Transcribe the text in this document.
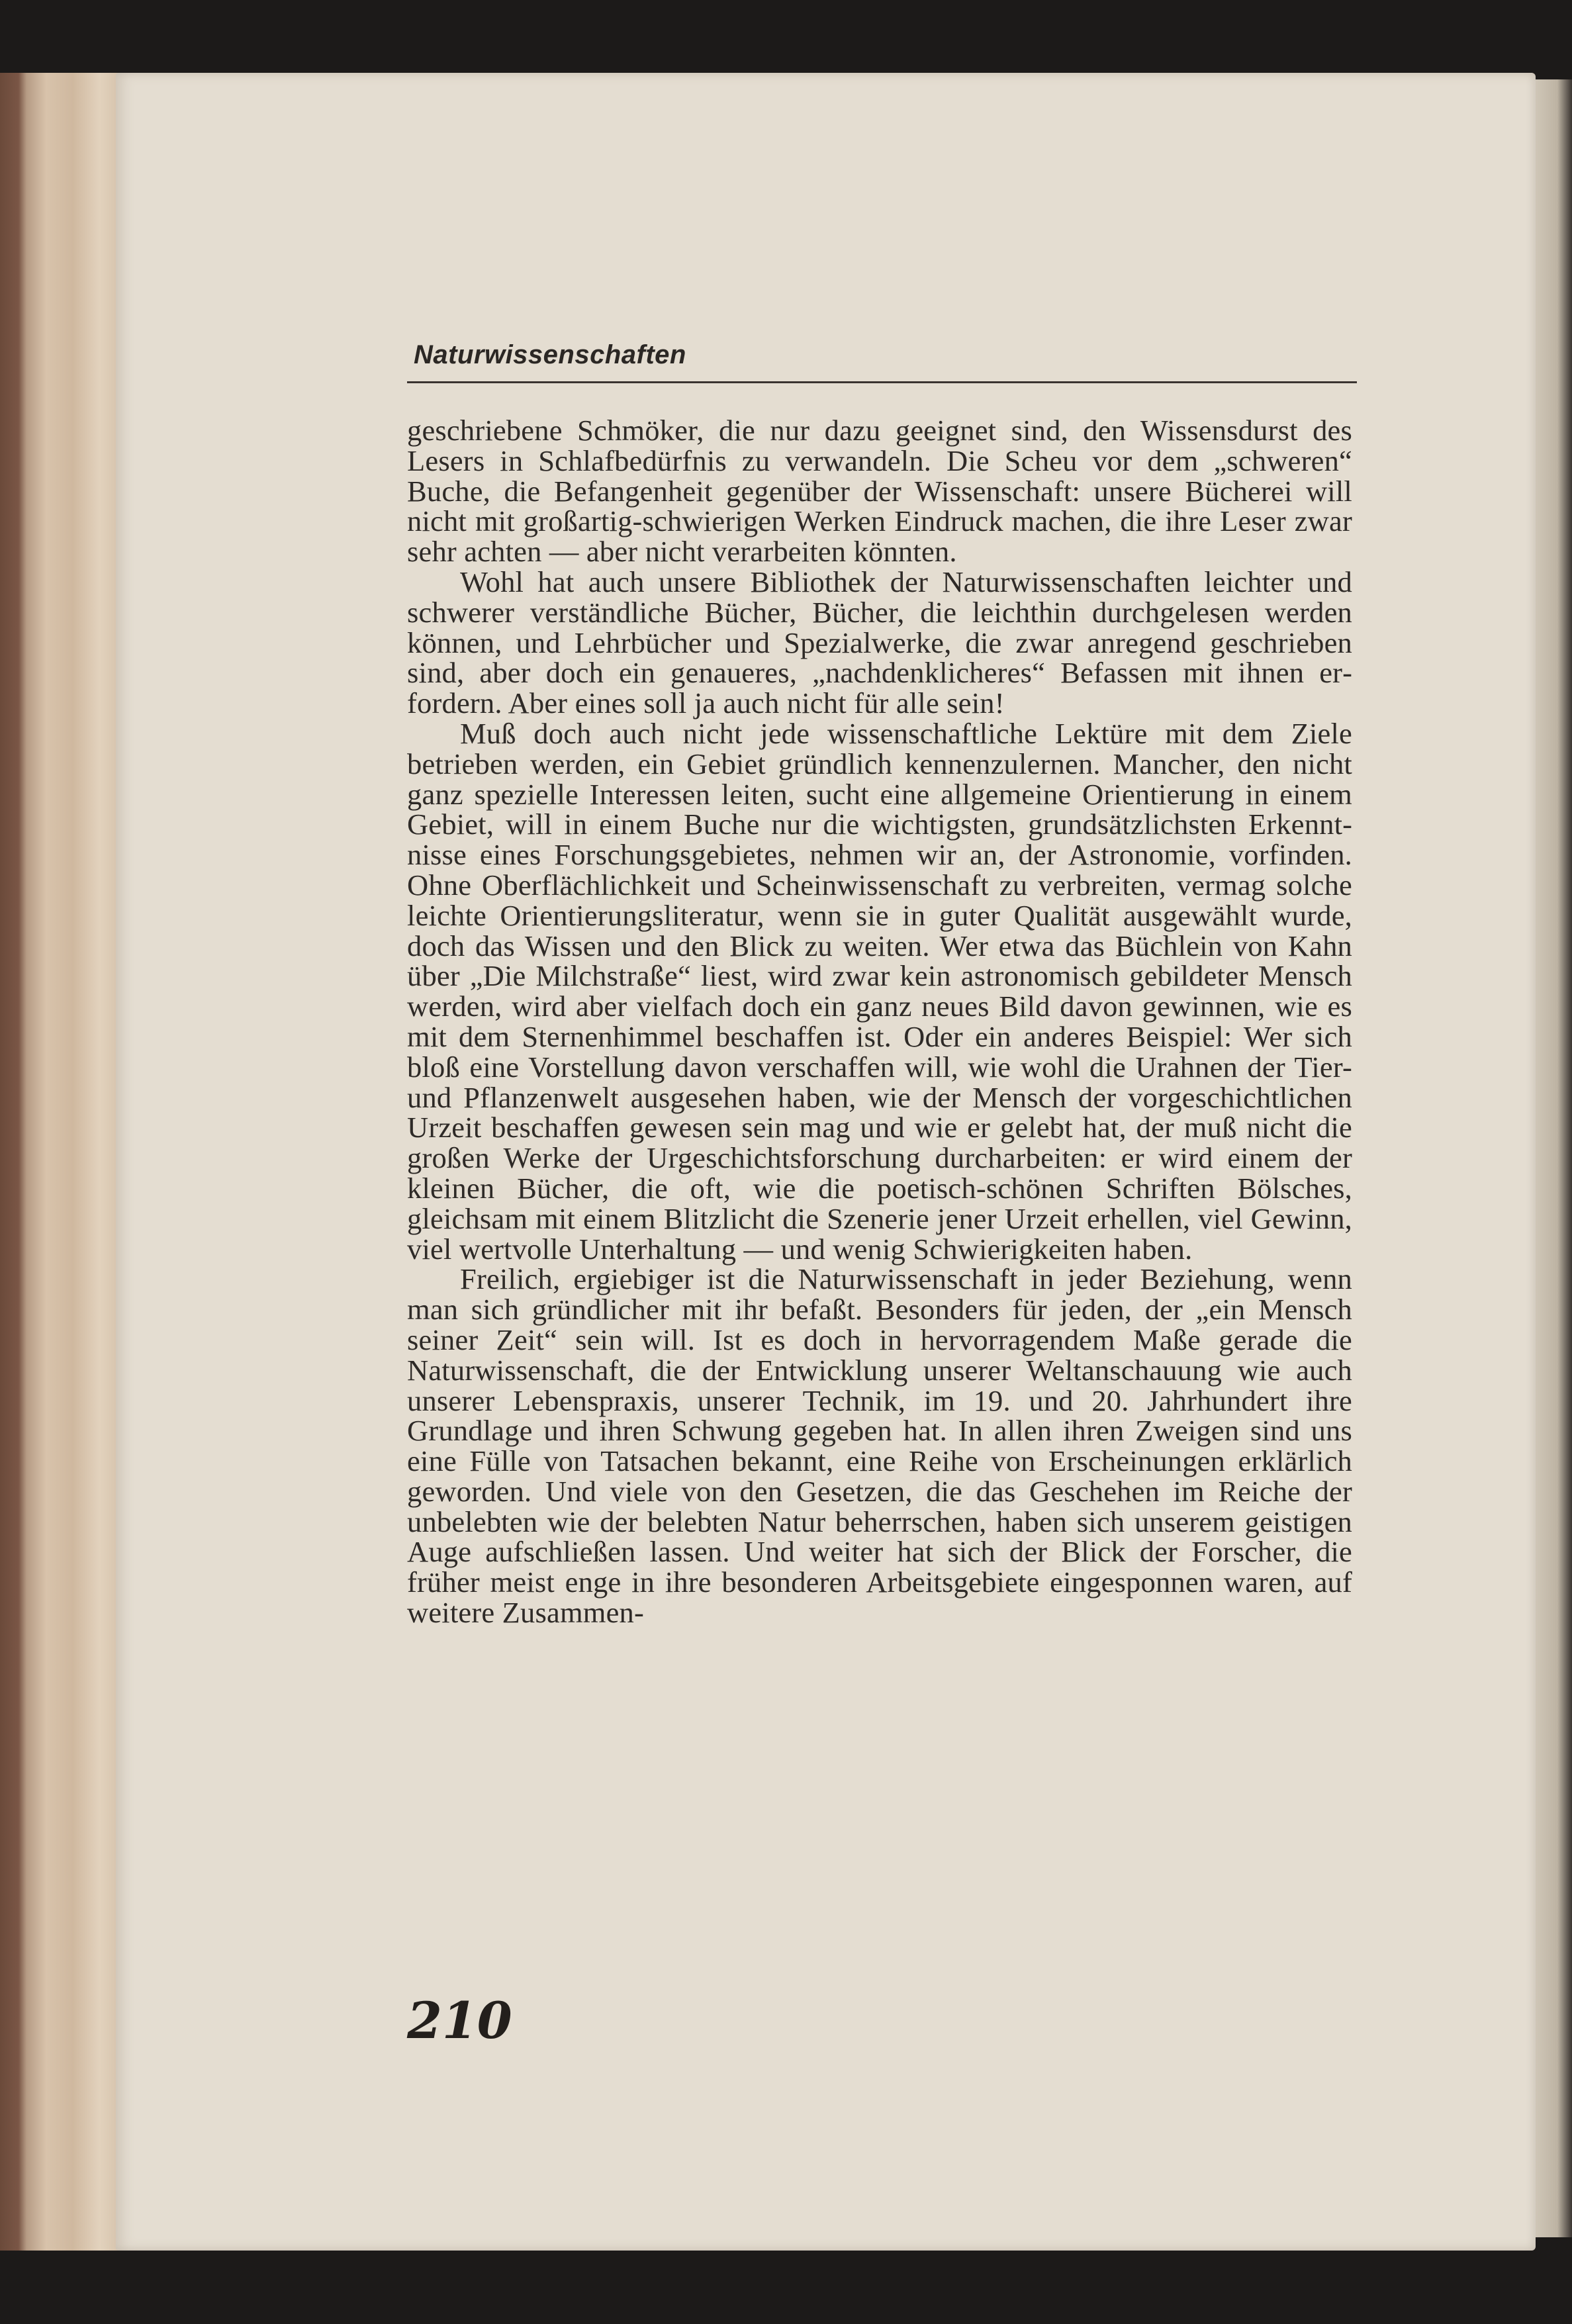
Naturwissenschaften

geschriebene Schmöker, die nur dazu geeignet sind, den Wissensdurst des Lesers in Schlafbedürfnis zu verwandeln. Die Scheu vor dem „schweren“ Buche, die Befangenheit gegenüber der Wissenschaft: unsere Bücherei will nicht mit großartig-schwierigen Werken Eindruck machen, die ihre Leser zwar sehr achten — aber nicht verarbeiten könnten.

Wohl hat auch unsere Bibliothek der Naturwissenschaften leichter und schwerer verständliche Bücher, Bücher, die leichthin durchgelesen werden können, und Lehrbücher und Spezialwerke, die zwar anregend geschrieben sind, aber doch ein genaueres, „nachdenklicheres“ Befassen mit ihnen erfordern. Aber eines soll ja auch nicht für alle sein!

Muß doch auch nicht jede wissenschaftliche Lektüre mit dem Ziele betrieben werden, ein Gebiet gründlich kennenzulernen. Mancher, den nicht ganz spezielle Interessen leiten, sucht eine allgemeine Orientierung in einem Gebiet, will in einem Buche nur die wichtigsten, grundsätzlichsten Erkenntnisse eines Forschungsgebietes, nehmen wir an, der Astronomie, vorfinden. Ohne Oberflächlichkeit und Scheinwissenschaft zu verbreiten, vermag solche leichte Orientierungsliteratur, wenn sie in guter Qualität ausgewählt wurde, doch das Wissen und den Blick zu weiten. Wer etwa das Büchlein von Kahn über „Die Milchstraße“ liest, wird zwar kein astronomisch gebildeter Mensch werden, wird aber vielfach doch ein ganz neues Bild davon gewinnen, wie es mit dem Sternenhimmel beschaffen ist. Oder ein anderes Beispiel: Wer sich bloß eine Vorstellung davon verschaffen will, wie wohl die Urahnen der Tier- und Pflanzenwelt ausgesehen haben, wie der Mensch der vorgeschichtlichen Urzeit beschaffen gewesen sein mag und wie er gelebt hat, der muß nicht die großen Werke der Urgeschichtsforschung durcharbeiten: er wird einem der kleinen Bücher, die oft, wie die poetisch-schönen Schriften Bölsches, gleichsam mit einem Blitzlicht die Szenerie jener Urzeit erhellen, viel Gewinn, viel wertvolle Unterhaltung — und wenig Schwierigkeiten haben.

Freilich, ergiebiger ist die Naturwissenschaft in jeder Beziehung, wenn man sich gründlicher mit ihr befaßt. Besonders für jeden, der „ein Mensch seiner Zeit“ sein will. Ist es doch in hervorragendem Maße gerade die Naturwissenschaft, die der Entwicklung unserer Weltanschauung wie auch unserer Lebenspraxis, unserer Technik, im 19. und 20. Jahrhundert ihre Grundlage und ihren Schwung gegeben hat. In allen ihren Zweigen sind uns eine Fülle von Tatsachen bekannt, eine Reihe von Erscheinungen erklärlich geworden. Und viele von den Gesetzen, die das Geschehen im Reiche der unbelebten wie der belebten Natur beherrschen, haben sich unserem geistigen Auge aufschließen lassen. Und weiter hat sich der Blick der Forscher, die früher meist enge in ihre besonderen Arbeitsgebiete eingesponnen waren, auf weitere Zusammen-

210
